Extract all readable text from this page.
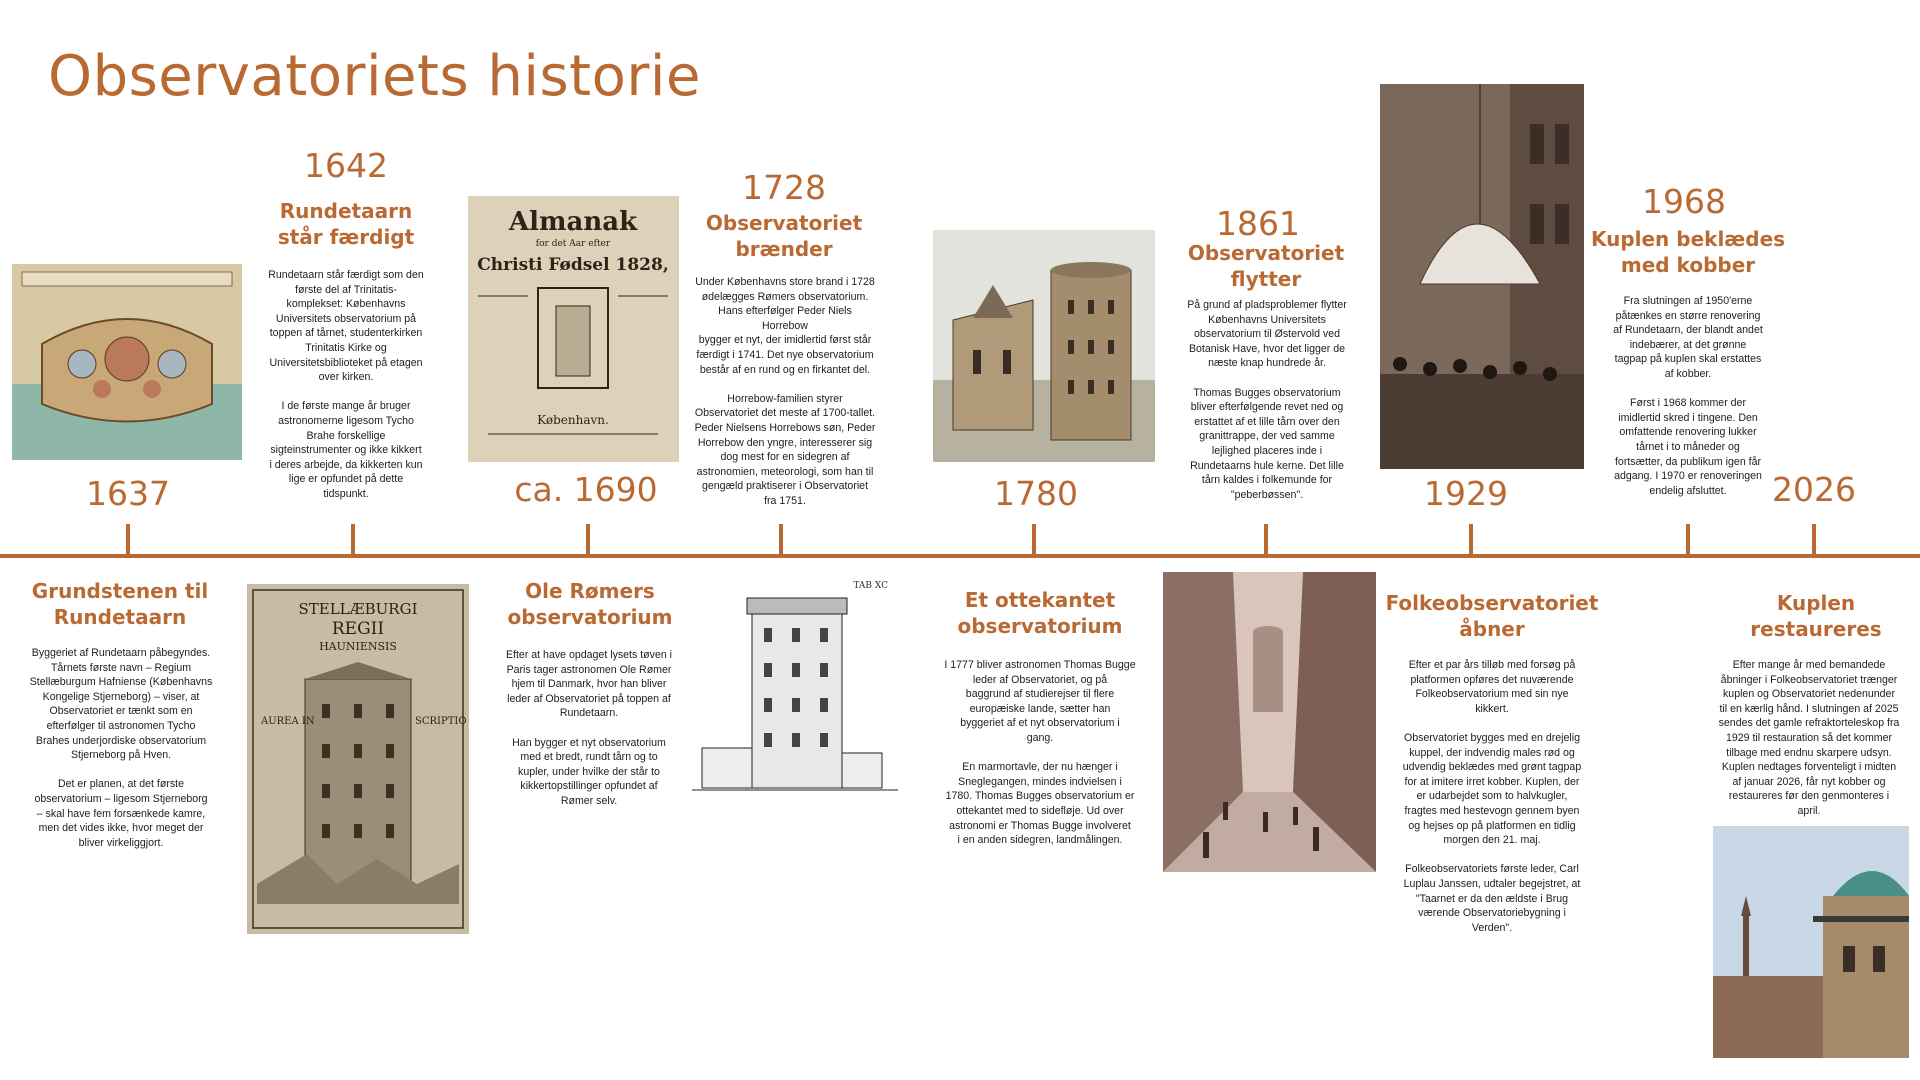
Observatoriets historie
STELLÆBURGI
REGII
HAUNIENSIS
AUREA IN	SCRIPTIO
Almanak
for det Aar efter
Christi Fødsel 1828,
København.
TAB XC
1637
Grundstenen til
Rundetaarn
Byggeriet af Rundetaarn påbegyndes.
Tårnets første navn – Regium
Stellæburgum Hafniense (Københavns
Kongelige Stjerneborg) – viser, at
Observatoriet er tænkt som en
efterfølger til astronomen Tycho
Brahes underjordiske observatorium
Stjerneborg på Hven.

Det er planen, at det første
observatorium – ligesom Stjerneborg
– skal have fem forsænkede kamre,
men det vides ikke, hvor meget der
bliver virkeliggjort.
1642
Rundetaarn
står færdigt
Rundetaarn står færdigt som den
første del af Trinitatis-
komplekset: Københavns
Universitets observatorium på
toppen af tårnet, studenterkirken
Trinitatis Kirke og
Universitetsbiblioteket på etagen
over kirken.

I de første mange år bruger
astronomerne ligesom Tycho
Brahe forskellige
sigteinstrumenter og ikke kikkert
i deres arbejde, da kikkerten kun
lige er opfundet på dette
tidspunkt.	ca. 1690
Ole Rømers
observatorium
Efter at have opdaget lysets tøven i
Paris tager astronomen Ole Rømer
hjem til Danmark, hvor han bliver
leder af Observatoriet på toppen af
Rundetaarn.

Han bygger et nyt observatorium
med et bredt, rundt tårn og to
kupler, under hvilke der står to
kikkertopstillinger opfundet af
Rømer selv.
1728
Observatoriet
brænder
Under Københavns store brand i 1728
ødelægges Rømers observatorium.
Hans efterfølger Peder Niels Horrebow
bygger et nyt, der imidlertid først står
færdigt i 1741. Det nye observatorium
består af en rund og en firkantet del.

Horrebow-familien styrer
Observatoriet det meste af 1700-tallet.
Peder Nielsens Horrebows søn, Peder
Horrebow den yngre, interesserer sig
dog mest for en sidegren af
astronomien, meteorologi, som han til
gengæld praktiserer i Observatoriet
fra 1751.	1780
Et ottekantet
observatorium
I 1777 bliver astronomen Thomas Bugge
leder af Observatoriet, og på
baggrund af studierejser til flere
europæiske lande, sætter han
byggeriet af et nyt observatorium i
gang.

En marmortavle, der nu hænger i
Sneglegangen, mindes indvielsen i
1780. Thomas Bugges observatorium er
ottekantet med to sidefløje. Ud over
astronomi er Thomas Bugge involveret
i en anden sidegren, landmålingen.
1861
Observatoriet
flytter
På grund af pladsproblemer flytter
Københavns Universitets
observatorium til Østervold ved
Botanisk Have, hvor det ligger de
næste knap hundrede år.

Thomas Bugges observatorium
bliver efterfølgende revet ned og
erstattet af et lille tårn over den
granittrappe, der ved samme
lejlighed placeres inde i
Rundetaarns hule kerne. Det lille
tårn kaldes i folkemunde for
"peberbøssen".	1929
Folkeobservatoriet
åbner
Efter et par års tilløb med forsøg på
platformen opføres det nuværende
Folkeobservatorium med sin nye
kikkert.

Observatoriet bygges med en drejelig
kuppel, der indvendig males rød og
udvendig beklædes med grønt tagpap
for at imitere irret kobber. Kuplen, der
er udarbejdet som to halvkugler,
fragtes med hestevogn gennem byen
og hejses op på platformen en tidlig
morgen den 21. maj.

Folkeobservatoriets første leder, Carl
Luplau Janssen, udtaler begejstret, at
"Taarnet er da den ældste i Brug
værende Observatoriebygning i
Verden".
1968
Kuplen beklædes
med kobber
Fra slutningen af 1950'erne
påtænkes en større renovering
af Rundetaarn, der blandt andet
indebærer, at det grønne
tagpap på kuplen skal erstattes
af kobber.

Først i 1968 kommer der
imidlertid skred i tingene. Den
omfattende renovering lukker
tårnet i to måneder og
fortsætter, da publikum igen får
adgang. I 1970 er renoveringen
endelig afsluttet.	2026
Kuplen
restaureres
Efter mange år med bemandede
åbninger i Folkeobservatoriet trænger
kuplen og Observatoriet nedenunder
til en kærlig hånd. I slutningen af 2025
sendes det gamle refraktorteleskop fra
1929 til restauration så det kommer
tilbage med endnu skarpere udsyn.
Kuplen nedtages forventeligt i midten
af januar 2026, får nyt kobber og
restaureres før den genmonteres i
april.
